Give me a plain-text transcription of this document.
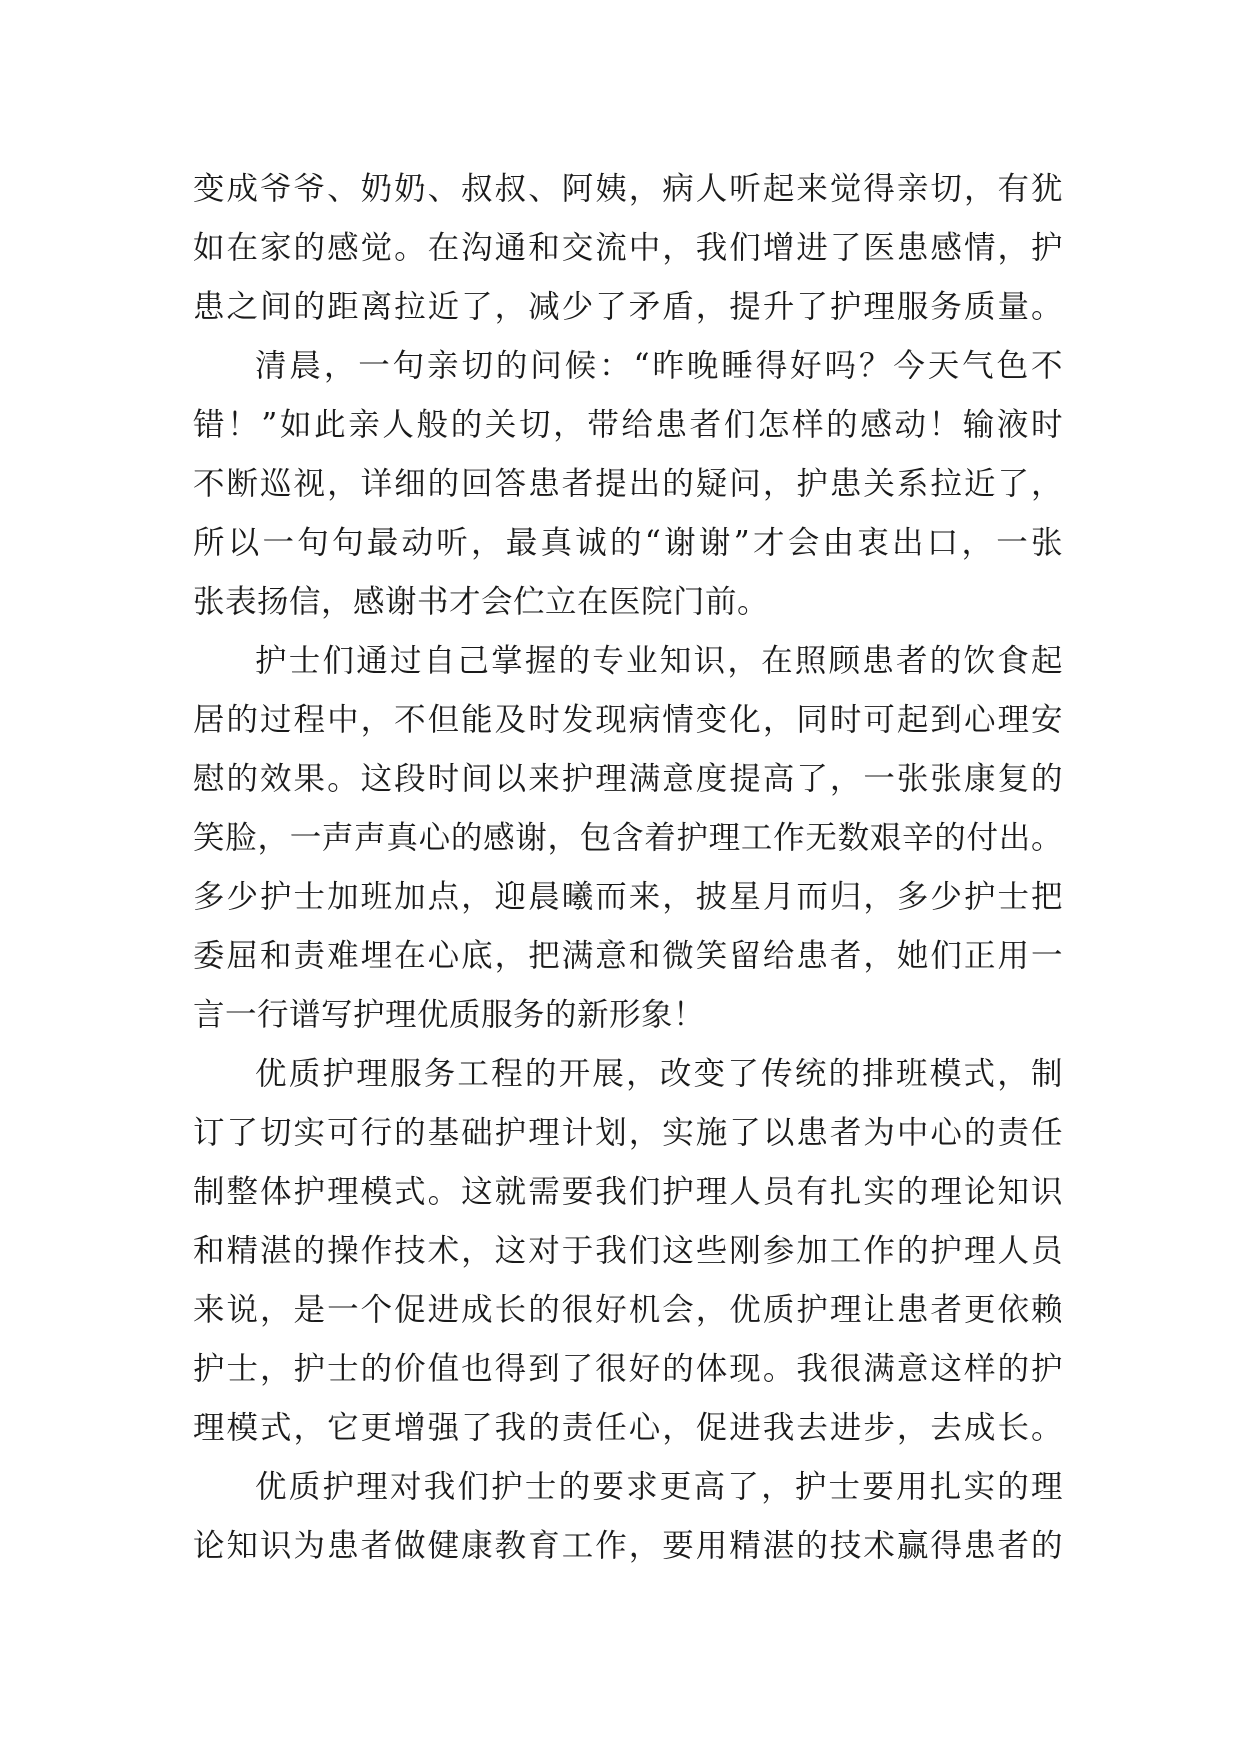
变成爷爷、奶奶、叔叔、阿姨，病人听起来觉得亲切，有犹
如在家的感觉。在沟通和交流中，我们增进了医患感情，护
患之间的距离拉近了，减少了矛盾，提升了护理服务质量。
清晨，一句亲切的问候：“昨晚睡得好吗？今天气色不
错！”如此亲人般的关切，带给患者们怎样的感动！输液时
不断巡视，详细的回答患者提出的疑问，护患关系拉近了，
所以一句句最动听，最真诚的“谢谢”才会由衷出口，一张
张表扬信，感谢书才会伫立在医院门前。
护士们通过自己掌握的专业知识，在照顾患者的饮食起
居的过程中，不但能及时发现病情变化，同时可起到心理安
慰的效果。这段时间以来护理满意度提高了，一张张康复的
笑脸，一声声真心的感谢，包含着护理工作无数艰辛的付出。
多少护士加班加点，迎晨曦而来，披星月而归，多少护士把
委屈和责难埋在心底，把满意和微笑留给患者，她们正用一
言一行谱写护理优质服务的新形象！
优质护理服务工程的开展，改变了传统的排班模式，制
订了切实可行的基础护理计划，实施了以患者为中心的责任
制整体护理模式。这就需要我们护理人员有扎实的理论知识
和精湛的操作技术，这对于我们这些刚参加工作的护理人员
来说，是一个促进成长的很好机会，优质护理让患者更依赖
护士，护士的价值也得到了很好的体现。我很满意这样的护
理模式，它更增强了我的责任心，促进我去进步，去成长。
优质护理对我们护士的要求更高了，护士要用扎实的理
论知识为患者做健康教育工作，要用精湛的技术赢得患者的
